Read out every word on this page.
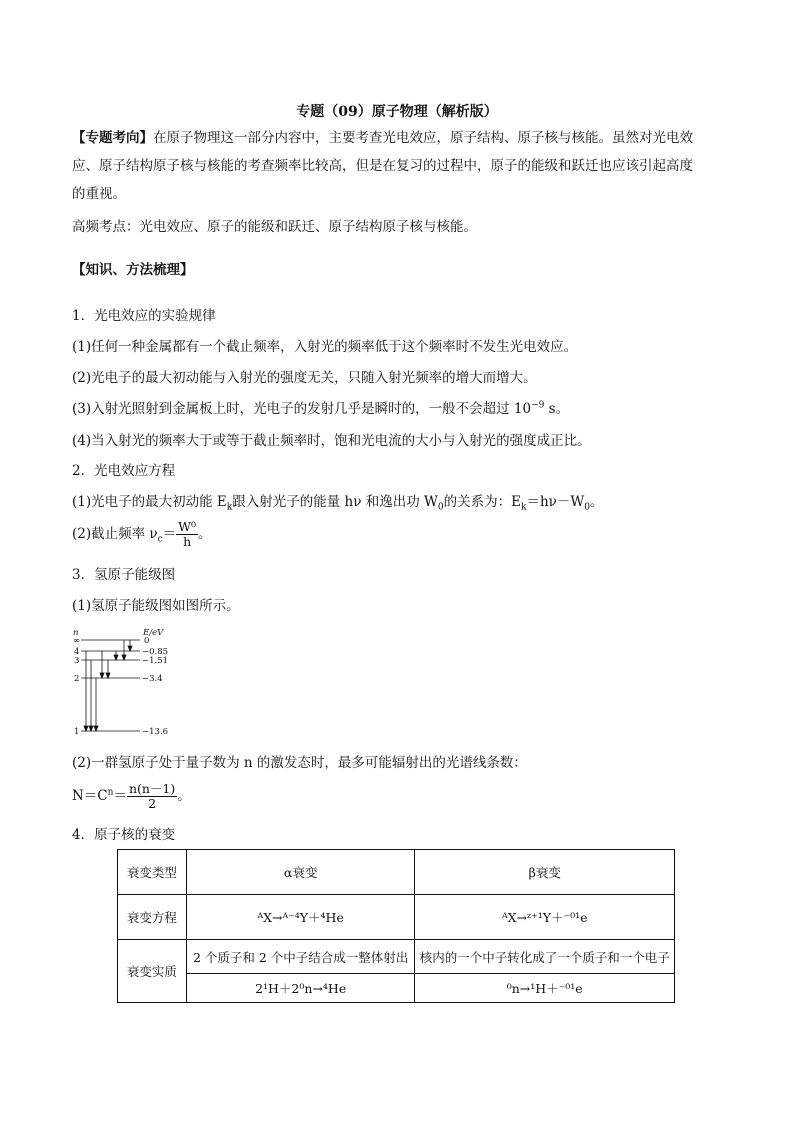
专题（09）原子物理（解析版）
【专题考向】在原子物理这一部分内容中，主要考查光电效应，原子结构、原子核与核能。虽然对光电效
应、原子结构原子核与核能的考查频率比较高，但是在复习的过程中，原子的能级和跃迁也应该引起高度
的重视。
高频考点：光电效应、原子的能级和跃迁、原子结构原子核与核能。
【知识、方法梳理】
1．光电效应的实验规律
(1)任何一种金属都有一个截止频率，入射光的频率低于这个频率时不发生光电效应。
(2)光电子的最大初动能与入射光的强度无关，只随入射光频率的增大而增大。
(3)入射光照射到金属板上时，光电子的发射几乎是瞬时的，一般不会超过 $10^{-9}$ s。
(4)当入射光的频率大于或等于截止频率时，饱和光电流的大小与入射光的强度成正比。
2．光电效应方程
(1)光电子的最大初动能 $E_k$跟入射光子的能量 hν 和逸出功 $W_0$的关系为：$E_k=h\nu-W_0$。
(2)截止频率 $\nu_c= \frac{\text{W⁰}}{h}$ 。
3．氢原子能级图
(1)氢原子能级图如图所示。
n	E/eV
∞	0
4	−0.85
3	−1.51
2	−3.4
1	−13.6
(2)一群氢原子处于量子数为 n 的激发态时，最多可能辐射出的光谱线条数：
$N=C^n= \frac{n(n-1)}{2}$ 。
4．原子核的衰变
衰变类型	α衰变	β衰变
衰变方程	ᴬX→ᴬ⁻⁴Y＋⁴He	ᴬX→ᶻ⁺¹Y＋⁻⁰¹e
衰变实质	2 个质子和 2 个中子结合成一整体射出	核内的一个中子转化成了一个质子和一个电子
	2¹H＋2⁰n→⁴He	⁰n→¹H＋⁻⁰¹e
